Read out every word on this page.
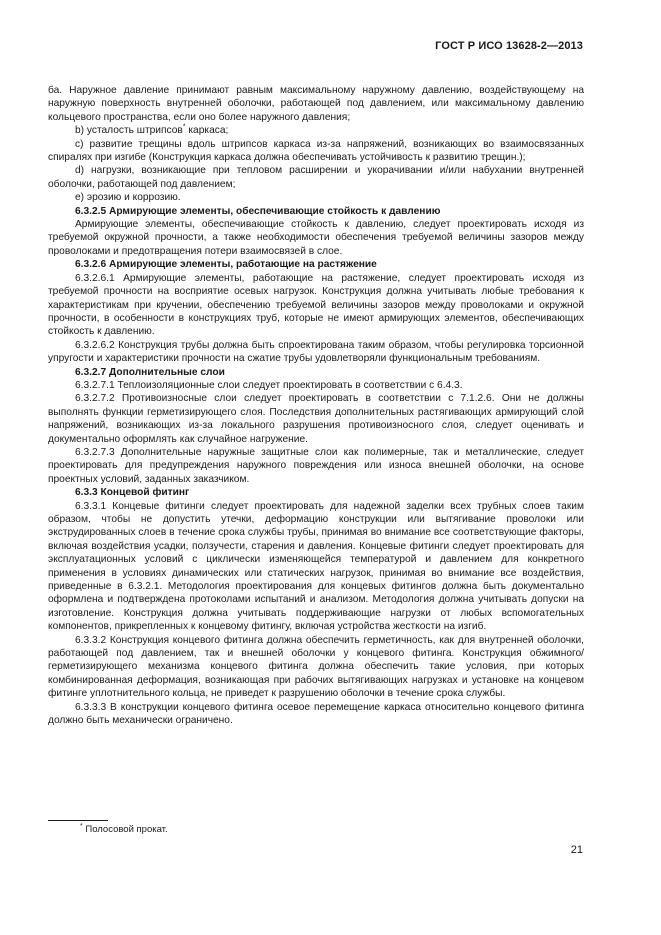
ГОСТ Р ИСО 13628-2—2013

ба. Наружное давление принимают равным максимальному наружному давлению, воздействующему на наружную поверхность внутренней оболочки, работающей под давлением, или максимальному давлению кольцевого пространства, если оно более наружного давления;

b) усталость штрипсов* каркаса;

c) развитие трещины вдоль штрипсов каркаса из-за напряжений, возникающих во взаимосвязанных спиралях при изгибе (Конструкция каркаса должна обеспечивать устойчивость к развитию трещин.);

d) нагрузки, возникающие при тепловом расширении и укорачивании и/или набухании внутренней оболочки, работающей под давлением;

e) эрозию и коррозию.

6.3.2.5 Армирующие элементы, обеспечивающие стойкость к давлению

Армирующие элементы, обеспечивающие стойкость к давлению, следует проектировать исходя из требуемой окружной прочности, а также необходимости обеспечения требуемой величины зазоров между проволоками и предотвращения потери взаимосвязей в слое.

6.3.2.6 Армирующие элементы, работающие на растяжение

6.3.2.6.1 Армирующие элементы, работающие на растяжение, следует проектировать исходя из требуемой прочности на восприятие осевых нагрузок. Конструкция должна учитывать любые требования к характеристикам при кручении, обеспечению требуемой величины зазоров между проволоками и окружной прочности, в особенности в конструкциях труб, которые не имеют армирующих элементов, обеспечивающих стойкость к давлению.

6.3.2.6.2 Конструкция трубы должна быть спроектирована таким образом, чтобы регулировка торсионной упругости и характеристики прочности на сжатие трубы удовлетворяли функциональным требованиям.

6.3.2.7 Дополнительные слои

6.3.2.7.1 Теплоизоляционные слои следует проектировать в соответствии с 6.4.3.

6.3.2.7.2 Противоизносные слои следует проектировать в соответствии с 7.1.2.6. Они не должны выполнять функции герметизирующего слоя. Последствия дополнительных растягивающих армирующий слой напряжений, возникающих из-за локального разрушения противоизносного слоя, следует оценивать и документально оформлять как случайное нагружение.

6.3.2.7.3 Дополнительные наружные защитные слои как полимерные, так и металлические, следует проектировать для предупреждения наружного повреждения или износа внешней оболочки, на основе проектных условий, заданных заказчиком.

6.3.3 Концевой фитинг

6.3.3.1 Концевые фитинги следует проектировать для надежной заделки всех трубных слоев таким образом, чтобы не допустить утечки, деформацию конструкции или вытягивание проволоки или экструдированных слоев в течение срока службы трубы, принимая во внимание все соответствующие факторы, включая воздействия усадки, ползучести, старения и давления. Концевые фитинги следует проектировать для эксплуатационных условий с циклически изменяющейся температурой и давлением для конкретного применения в условиях динамических или статических нагрузок, принимая во внимание все воздействия, приведенные в 6.3.2.1. Методология проектирования для концевых фитингов должна быть документально оформлена и подтверждена протоколами испытаний и анализом. Методология должна учитывать допуски на изготовление. Конструкция должна учитывать поддерживающие нагрузки от любых вспомогательных компонентов, прикрепленных к концевому фитингу, включая устройства жесткости на изгиб.

6.3.3.2 Конструкция концевого фитинга должна обеспечить герметичность, как для внутренней оболочки, работающей под давлением, так и внешней оболочки у концевого фитинга. Конструкция обжимного/герметизирующего механизма концевого фитинга должна обеспечить такие условия, при которых комбинированная деформация, возникающая при рабочих вытягивающих нагрузках и установке на концевом фитинге уплотнительного кольца, не приведет к разрушению оболочки в течение срока службы.

6.3.3.3 В конструкции концевого фитинга осевое перемещение каркаса относительно концевого фитинга должно быть механически ограничено.

* Полосовой прокат.
21
